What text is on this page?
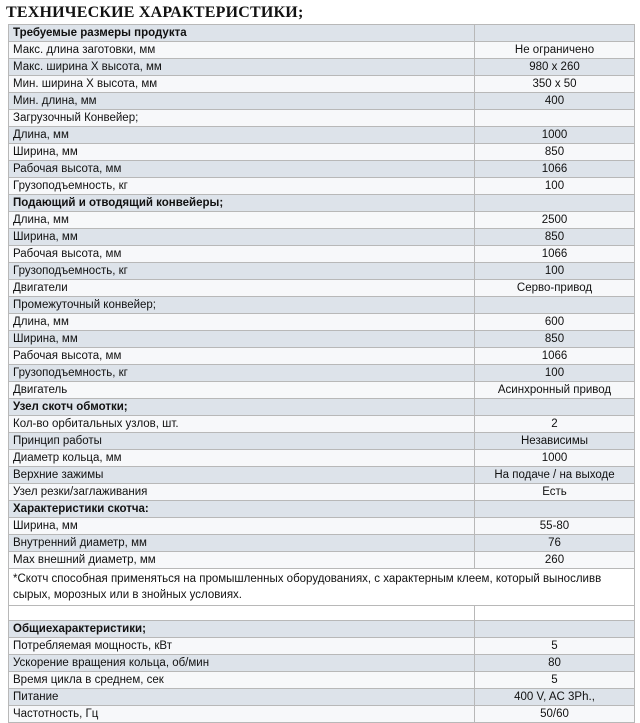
ТЕХНИЧЕСКИЕ ХАРАКТЕРИСТИКИ;
Требуемые размеры продукта	
Макс. длина заготовки, мм	Не ограничено
Макс. ширина Х высота, мм	980 х 260
Мин. ширина Х высота, мм	350 х 50
Мин. длина, мм	400
Загрузочный Конвейер;	
Длина, мм	1000
Ширина, мм	850
Рабочая высота, мм	1066
Грузоподъемность, кг	100
Подающий и отводящий конвейеры;	
Длина, мм	2500
Ширина, мм	850
Рабочая высота, мм	1066
Грузоподъемность, кг	100
Двигатели	Серво-привод
Промежуточный конвейер;	
Длина, мм	600
Ширина, мм	850
Рабочая высота, мм	1066
Грузоподъемность, кг	100
Двигатель	Асинхронный привод
Узел скотч обмотки;	
Кол-во орбитальных узлов, шт.	2
Принцип работы	Независимы
Диаметр кольца, мм	1000
Верхние зажимы	На подаче / на выходе
Узел резки/заглаживания	Есть
Характеристики скотча:	
Ширина, мм	55-80
Внутренний диаметр, мм	76
Max внешний диаметр, мм	260
*Скотч способная применяться на промышленных оборудованиях, с характерным клеем, который выносливв сырых, морозных или в знойных условиях.	

Общиехарактеристики;	
Потребляемая мощность, кВт	5
Ускорение вращения кольца, об/мин	80
Время цикла в среднем, сек	5
Питание	400 V, AC 3Ph.,
Частотность, Гц	50/60
